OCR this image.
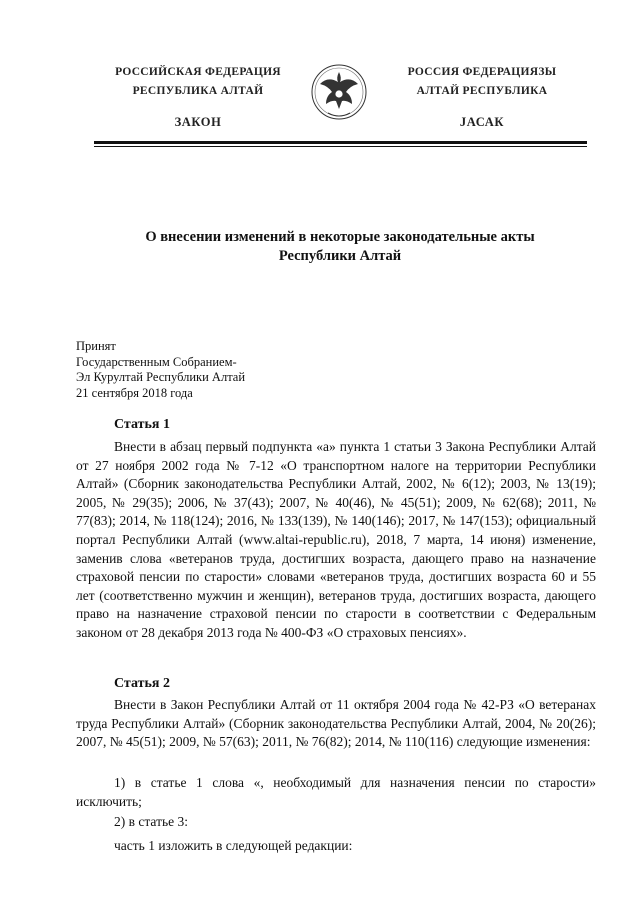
РОССИЙСКАЯ ФЕДЕРАЦИЯ
РЕСПУБЛИКА АЛТАЙ
ЗАКОН
РОССИЯ ФЕДЕРАЦИЯЗЫ
АЛТАЙ РЕСПУБЛИКА
ЈАСАК
О внесении изменений в некоторые законодательные акты
Республики Алтай
Принят
Государственным Собранием-
Эл Курултай Республики Алтай
21 сентября 2018 года
Статья 1
Внести в абзац первый подпункта «а» пункта 1 статьи 3 Закона Республики Алтай от 27 ноября 2002 года № 7-12 «О транспортном налоге на территории Республики Алтай» (Сборник законодательства Республики Алтай, 2002, № 6(12); 2003, № 13(19); 2005, № 29(35); 2006, № 37(43); 2007, № 40(46), № 45(51); 2009, № 62(68); 2011, № 77(83); 2014, № 118(124); 2016, № 133(139), № 140(146); 2017, № 147(153); официальный портал Республики Алтай (www.altai-republic.ru), 2018, 7 марта, 14 июня) изменение, заменив слова «ветеранов труда, достигших возраста, дающего право на назначение страховой пенсии по старости» словами «ветеранов труда, достигших возраста 60 и 55 лет (соответственно мужчин и женщин), ветеранов труда, достигших возраста, дающего право на назначение страховой пенсии по старости в соответствии с Федеральным законом от 28 декабря 2013 года № 400-ФЗ «О страховых пенсиях».
Статья 2
Внести в Закон Республики Алтай от 11 октября 2004 года № 42-РЗ «О ветеранах труда Республики Алтай» (Сборник законодательства Республики Алтай, 2004, № 20(26); 2007, № 45(51); 2009, № 57(63); 2011, № 76(82); 2014, № 110(116) следующие изменения:
1) в статье 1 слова «, необходимый для назначения пенсии по старости» исключить;
2) в статье 3:
часть 1 изложить в следующей редакции:
